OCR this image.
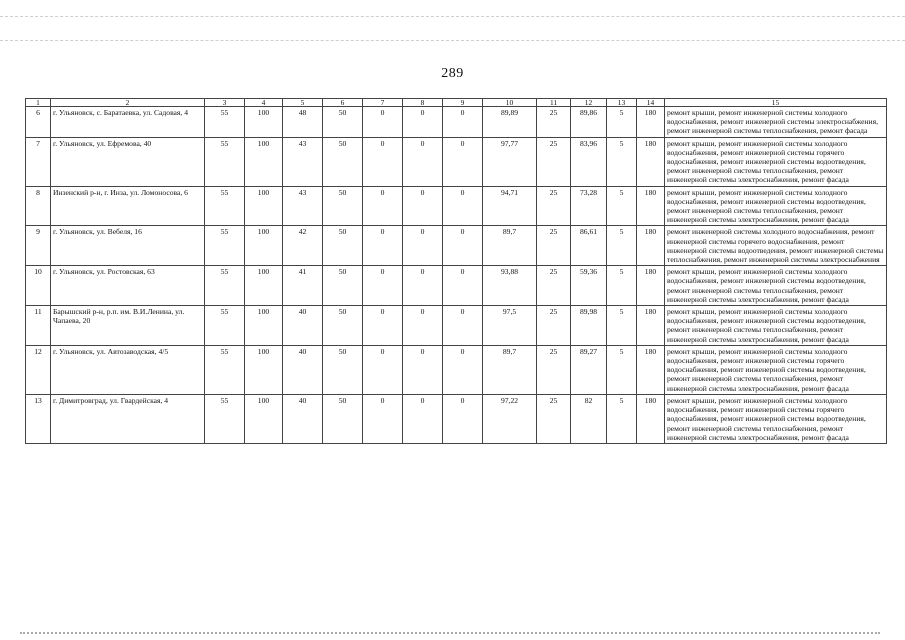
289
1	2	3	4	5	6	7	8	9	10	11	12	13	14	15
6	г. Ульяновск, с. Баратаевка, ул. Садовая, 4	55	100	48	50	0	0	0	89,89	25	89,86	5	180	ремонт крыши, ремонт инженерной системы холодного водоснабжения, ремонт инженерной системы электроснабжения, ремонт инженерной системы теплоснабжения, ремонт фасада
7	г. Ульяновск, ул. Ефремова, 40	55	100	43	50	0	0	0	97,77	25	83,96	5	180	ремонт крыши, ремонт инженерной системы холодного водоснабжения, ремонт инженерной системы горячего водоснабжения, ремонт инженерной системы водоотведения, ремонт инженерной системы теплоснабжения, ремонт инженерной системы электроснабжения, ремонт фасада
8	Инзенский р-н, г. Инза, ул. Ломоносова, 6	55	100	43	50	0	0	0	94,71	25	73,28	5	180	ремонт крыши, ремонт инженерной системы холодного водоснабжения, ремонт инженерной системы водоотведения, ремонт инженерной системы теплоснабжения, ремонт инженерной системы электроснабжения, ремонт фасада
9	г. Ульяновск, ул. Вебеля, 16	55	100	42	50	0	0	0	89,7	25	86,61	5	180	ремонт инженерной системы холодного водоснабжения, ремонт инженерной системы горячего водоснабжения, ремонт инженерной системы водоотведения, ремонт инженерной системы теплоснабжения, ремонт инженерной системы электроснабжения
10	г. Ульяновск, ул. Ростовская, 63	55	100	41	50	0	0	0	93,88	25	59,36	5	180	ремонт крыши, ремонт инженерной системы холодного водоснабжения, ремонт инженерной системы водоотведения, ремонт инженерной системы теплоснабжения, ремонт инженерной системы электроснабжения, ремонт фасада
11	Барышский р-н, р.п. им. В.И.Ленина, ул. Чапаева, 20	55	100	40	50	0	0	0	97,5	25	89,98	5	180	ремонт крыши, ремонт инженерной системы холодного водоснабжения, ремонт инженерной системы водоотведения, ремонт инженерной системы теплоснабжения, ремонт инженерной системы электроснабжения, ремонт фасада
12	г. Ульяновск, ул. Автозаводская, 4/5	55	100	40	50	0	0	0	89,7	25	89,27	5	180	ремонт крыши, ремонт инженерной системы холодного водоснабжения, ремонт инженерной системы горячего водоснабжения, ремонт инженерной системы водоотведения, ремонт инженерной системы теплоснабжения, ремонт инженерной системы электроснабжения, ремонт фасада
13	г. Димитровград, ул. Гвардейская, 4	55	100	40	50	0	0	0	97,22	25	82	5	180	ремонт крыши, ремонт инженерной системы холодного водоснабжения, ремонт инженерной системы горячего водоснабжения, ремонт инженерной системы водоотведения, ремонт инженерной системы теплоснабжения, ремонт инженерной системы электроснабжения, ремонт фасада
